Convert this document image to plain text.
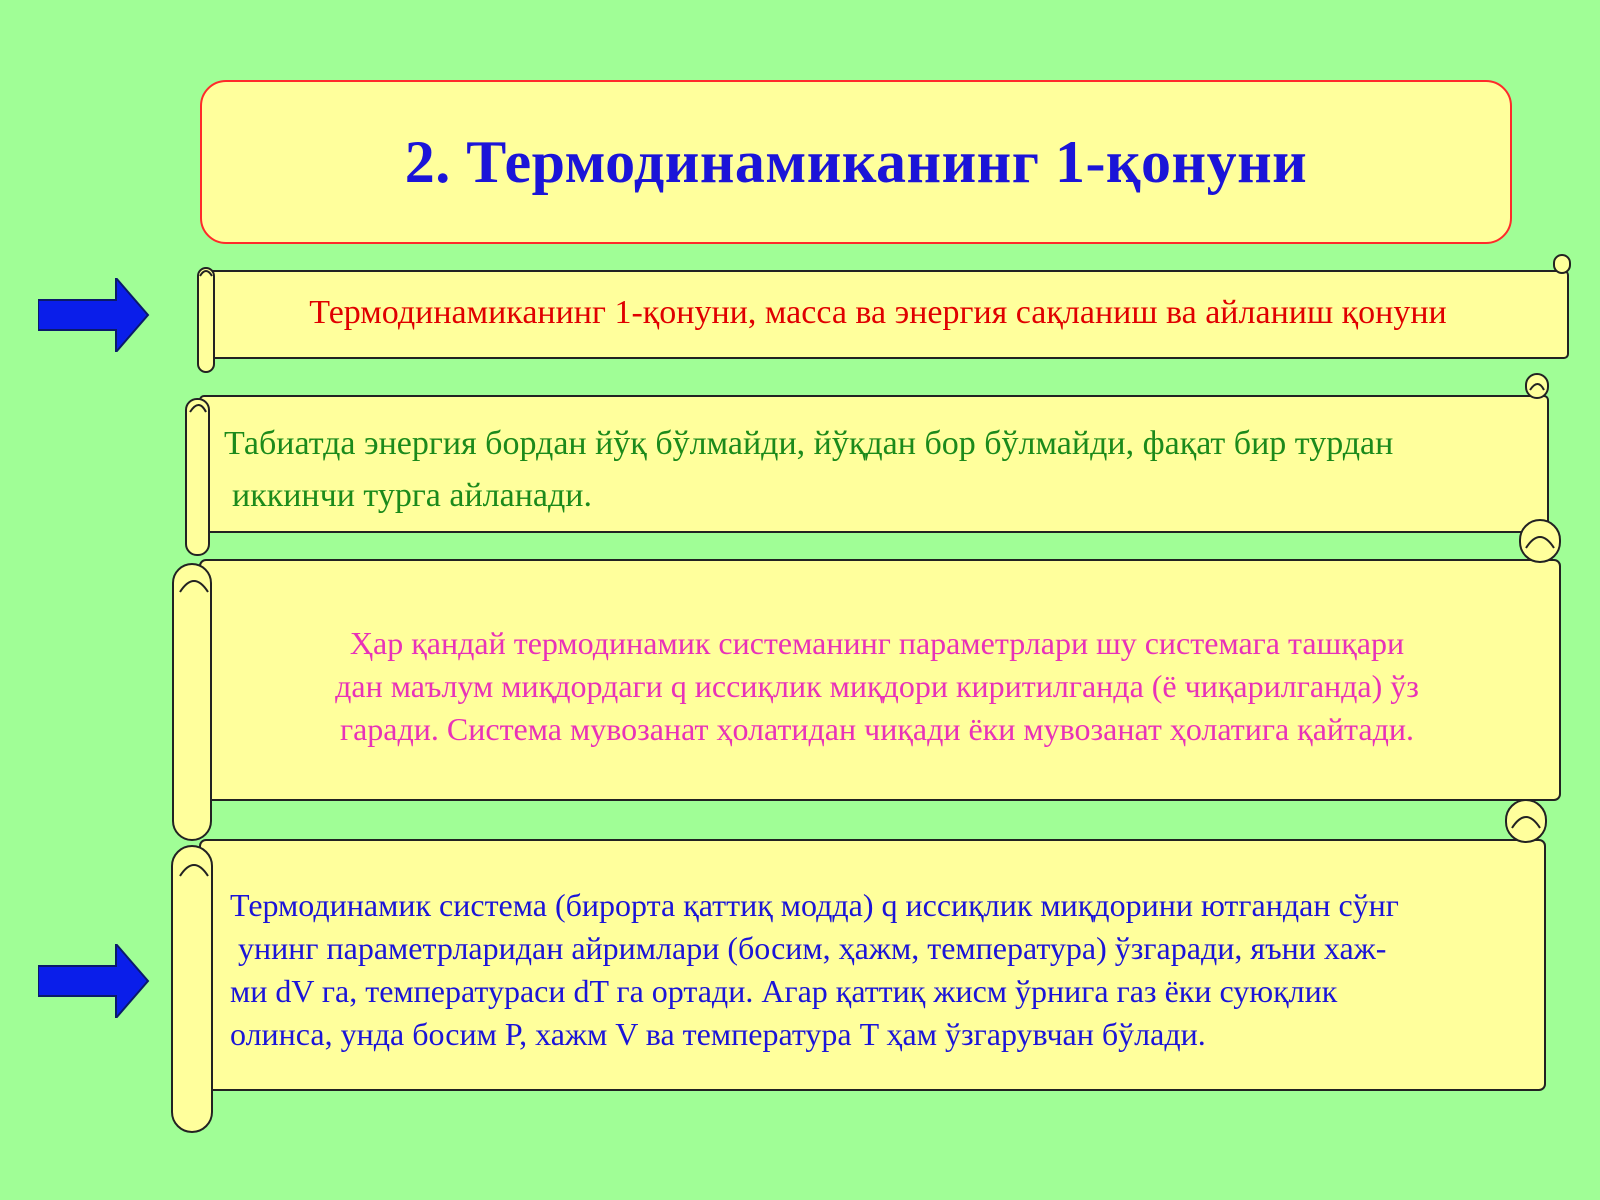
2. Термодинамиканинг 1-қонуни
Термодинамиканинг 1-қонуни, масса ва энергия сақланиш ва айланиш қонуни
Табиатда энергия бордан йўқ бўлмайди, йўқдан бор бўлмайди, фақат бир турдан
иккинчи турга айланади.
Ҳар қандай термодинамик системанинг параметрлари шу системага ташқари
дан маълум миқдордаги q иссиқлик миқдори киритилганда (ё чиқарилганда) ўз
гаради. Система мувозанат ҳолатидан чиқади ёки мувозанат ҳолатига қайтади.
Термодинамик система (бирорта қаттиқ модда) q иссиқлик миқдорини ютгандан сўнг
унинг параметрларидан айримлари (босим, ҳажм, температура) ўзгаради, яъни хаж-
ми dV га, температураси dT га ортади. Агар қаттиқ жисм ўрнига газ ёки суюқлик
олинса, унда босим P, хажм V ва температура T ҳам ўзгарувчан бўлади.
